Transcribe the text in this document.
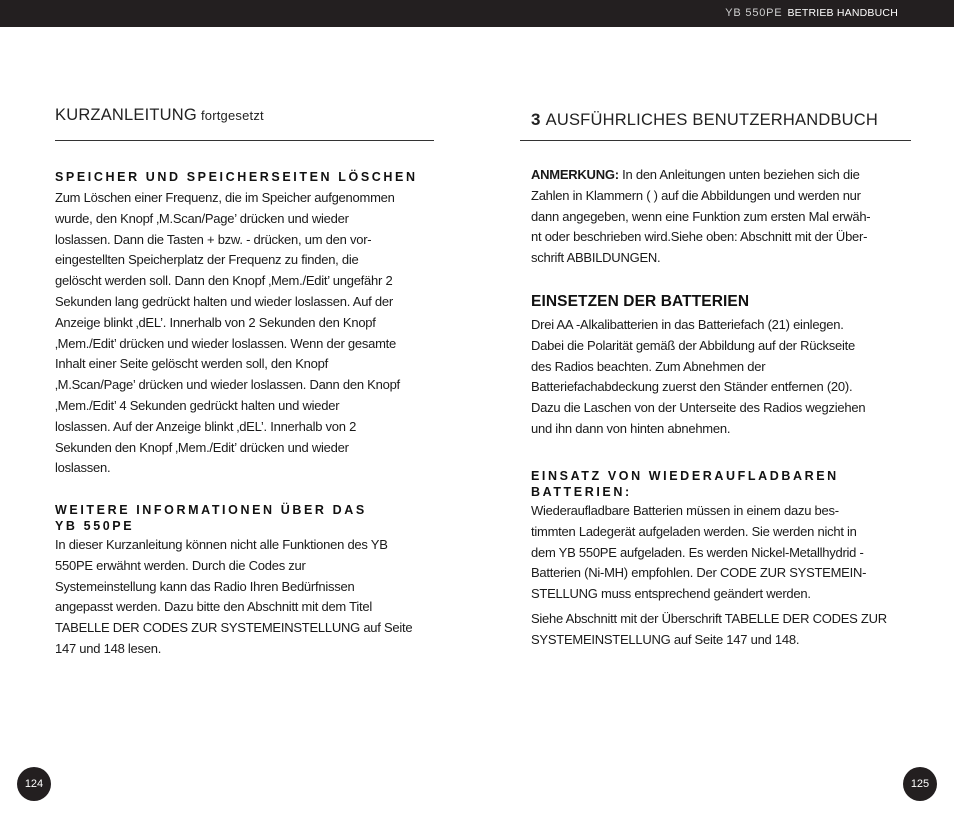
YB 550PE BETRIEB HANDBUCH
KURZANLEITUNG fortgesetzt
SPEICHER UND SPEICHERSEITEN LÖSCHEN
Zum Löschen einer Frequenz, die im Speicher aufgenommen
wurde, den Knopf ‚M.Scan/Page’ drücken und wieder
loslassen. Dann die Tasten + bzw. - drücken, um den vor-
eingestellten Speicherplatz der Frequenz zu finden, die
gelöscht werden soll. Dann den Knopf ‚Mem./Edit’ ungefähr 2
Sekunden lang gedrückt halten und wieder loslassen. Auf der
Anzeige blinkt ‚dEL’. Innerhalb von 2 Sekunden den Knopf
‚Mem./Edit’ drücken und wieder loslassen. Wenn der gesamte
Inhalt einer Seite gelöscht werden soll, den Knopf
‚M.Scan/Page’ drücken und wieder loslassen. Dann den Knopf
‚Mem./Edit’ 4 Sekunden gedrückt halten und wieder
loslassen. Auf der Anzeige blinkt ‚dEL’. Innerhalb von 2
Sekunden den Knopf ‚Mem./Edit’ drücken und wieder
loslassen.
WEITERE INFORMATIONEN ÜBER DAS
YB 550PE
In dieser Kurzanleitung können nicht alle Funktionen des YB
550PE erwähnt werden. Durch die Codes zur
Systemeinstellung kann das Radio Ihren Bedürfnissen
angepasst werden. Dazu bitte den Abschnitt mit dem Titel
TABELLE DER CODES ZUR SYSTEMEINSTELLUNG auf Seite
147 und 148 lesen.
3 AUSFÜHRLICHES BENUTZERHANDBUCH
ANMERKUNG: In den Anleitungen unten beziehen sich die
Zahlen in Klammern ( ) auf die Abbildungen und werden nur
dann angegeben, wenn eine Funktion zum ersten Mal erwäh-
nt oder beschrieben wird.Siehe oben: Abschnitt mit der Über-
schrift ABBILDUNGEN.
EINSETZEN DER BATTERIEN
Drei AA -Alkalibatterien in das Batteriefach (21) einlegen.
Dabei die Polarität gemäß der Abbildung auf der Rückseite
des Radios beachten. Zum Abnehmen der
Batteriefachabdeckung zuerst den Ständer entfernen (20).
Dazu die Laschen von der Unterseite des Radios wegziehen
und ihn dann von hinten abnehmen.
EINSATZ VON WIEDERAUFLADBAREN
BATTERIEN:
Wiederaufladbare Batterien müssen in einem dazu bes-
timmten Ladegerät aufgeladen werden. Sie werden nicht in
dem YB 550PE aufgeladen. Es werden Nickel-Metallhydrid -
Batterien (Ni-MH) empfohlen. Der CODE ZUR SYSTEMEIN-
STELLUNG muss entsprechend geändert werden.
Siehe Abschnitt mit der Überschrift TABELLE DER CODES ZUR
SYSTEMEINSTELLUNG auf Seite 147 und 148.
124	125
